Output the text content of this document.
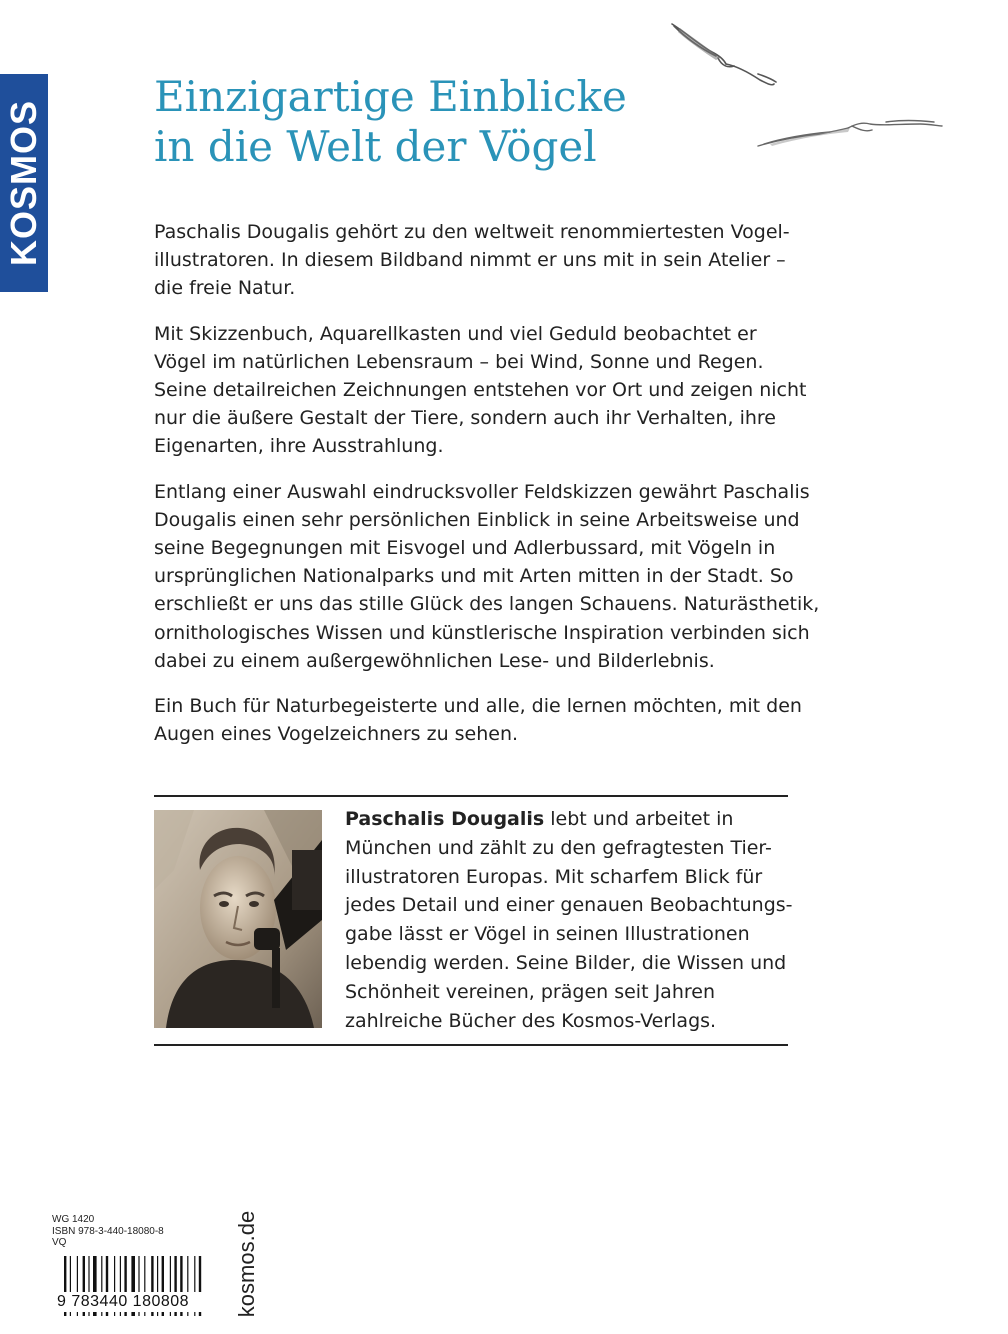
KOSMOS
Einzigartige Einblicke
in die Welt der Vögel

Paschalis Dougalis gehört zu den weltweit renommiertesten Vogel-
illustratoren. In diesem Bildband nimmt er uns mit in sein Atelier –
die freie Natur.

Mit Skizzenbuch, Aquarellkasten und viel Geduld beobachtet er
Vögel im natürlichen Lebensraum – bei Wind, Sonne und Regen.
Seine detailreichen Zeichnungen entstehen vor Ort und zeigen nicht
nur die äußere Gestalt der Tiere, sondern auch ihr Verhalten, ihre
Eigenarten, ihre Ausstrahlung.

Entlang einer Auswahl eindrucksvoller Feldskizzen gewährt Paschalis
Dougalis einen sehr persönlichen Einblick in seine Arbeitsweise und
seine Begegnungen mit Eisvogel und Adlerbussard, mit Vögeln in
ursprünglichen Nationalparks und mit Arten mitten in der Stadt. So
erschließt er uns das stille Glück des langen Schauens. Naturästhetik,
ornithologisches Wissen und künstlerische Inspiration verbinden sich
dabei zu einem außergewöhnlichen Lese- und Bilderlebnis.

Ein Buch für Naturbegeisterte und alle, die lernen möchten, mit den
Augen eines Vogelzeichners zu sehen.

Paschalis Dougalis lebt und arbeitet in
München und zählt zu den gefragtesten Tier-
illustratoren Europas. Mit scharfem Blick für
jedes Detail und einer genauen Beobachtungs-
gabe lässt er Vögel in seinen Illustrationen
lebendig werden. Seine Bilder, die Wissen und
Schönheit vereinen, prägen seit Jahren
zahlreiche Bücher des Kosmos-Verlags.
WG 1420
ISBN 978-3-440-18080-8
VQ
9 783440 180808 kosmos.de
